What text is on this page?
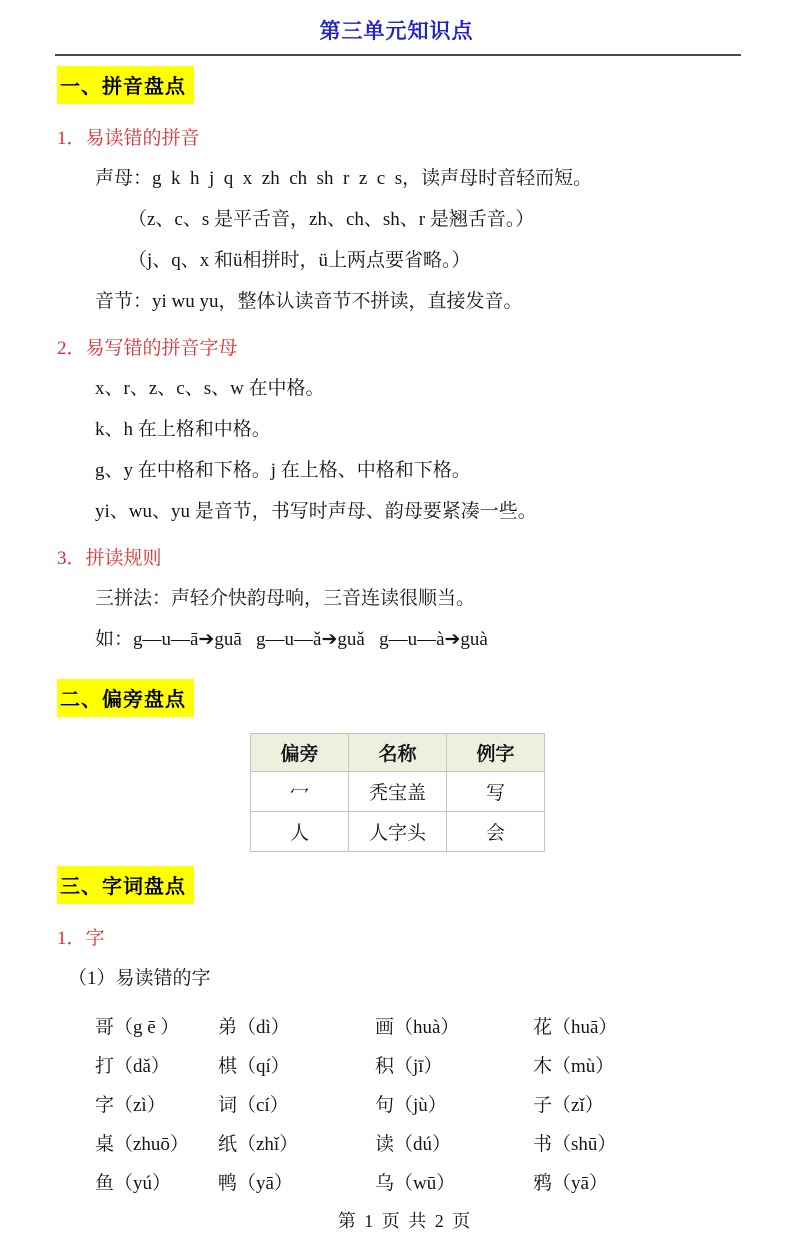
第三单元知识点
一、拼音盘点

1．易读错的拼音

声母：g  k  h  j  q  x  zh  ch  sh  r  z  c  s，读声母时音轻而短。

（z、c、s 是平舌音，zh、ch、sh、r 是翘舌音。）

（j、q、x 和ü相拼时，ü上两点要省略。）

音节：yi wu yu，整体认读音节不拼读，直接发音。

2．易写错的拼音字母

x、r、z、c、s、w 在中格。

k、h 在上格和中格。

g、y 在中格和下格。j 在上格、中格和下格。

yi、wu、yu 是音节，书写时声母、韵母要紧凑一些。

3．拼读规则

三拼法：声轻介快韵母响，三音连读很顺当。

如：g—u—ā➔guā   g—u—ǎ➔guǎ   g—u—à➔guà

二、偏旁盘点
偏旁	名称	例字
冖	秃宝盖	写
人	人字头	会
三、字词盘点

1．字

（1）易读错的字

哥（g ē ）	弟（dì）	画（huà）	花（huā）
打（dǎ）	棋（qí）	积（jī）	木（mù）
字（zì）	词（cí）	句（jù）	子（zǐ）
桌（zhuō）	纸（zhǐ）	读（dú）	书（shū）
鱼（yú）	鸭（yā）	乌（wū）	鸦（yā）
第 1 页 共 2 页
